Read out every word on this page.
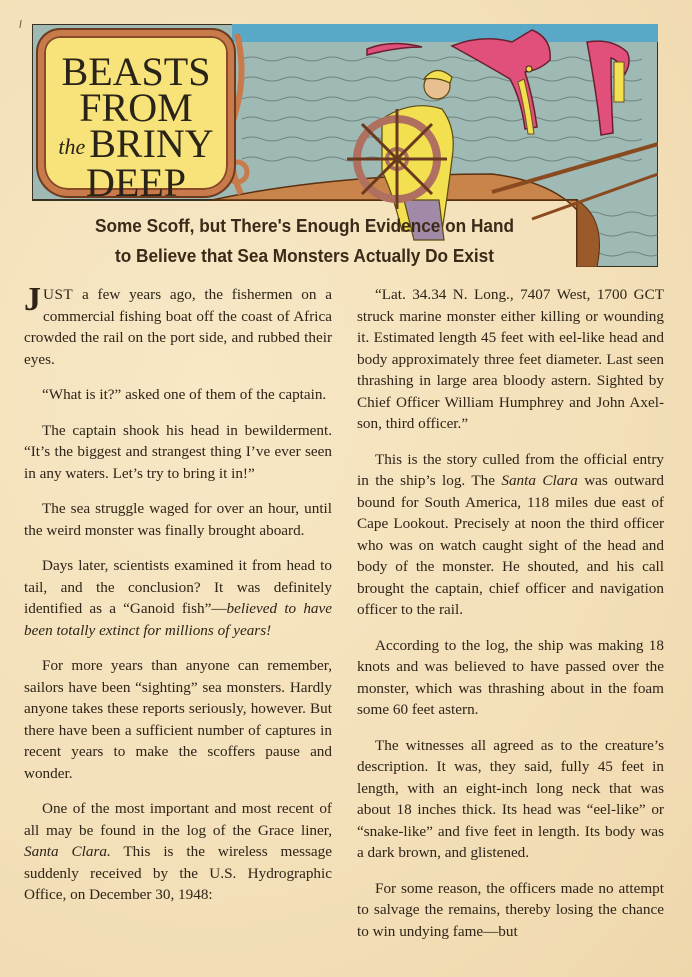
BEASTS
FROM
the BRINY
DEEP
Some Scoff, but There's Enough Evidence on Hand
to Believe that Sea Monsters Actually Do Exist

JUST a few years ago, the fishermen on a commercial fishing boat off the coast of Africa crowded the rail on the port side, and rubbed their eyes.

“What is it?” asked one of them of the captain.

The captain shook his head in bewilderment. “It’s the biggest and strangest thing I’ve ever seen in any waters. Let’s try to bring it in!”

The sea struggle waged for over an hour, until the weird monster was finally brought aboard.

Days later, scientists examined it from head to tail, and the conclusion? It was definitely identified as a “Ganoid fish”—believed to have been totally extinct for millions of years!

For more years than anyone can remember, sailors have been “sighting” sea monsters. Hardly anyone takes these reports seriously, however. But there have been a sufficient number of captures in recent years to make the scoffers pause and wonder.

One of the most important and most recent of all may be found in the log of the Grace liner, Santa Clara. This is the wireless message suddenly received by the U.S. Hydrographic Office, on December 30, 1948:

“Lat. 34.34 N. Long., 7407 West, 1700 GCT struck marine monster either killing or wounding it. Estimated length 45 feet with eel-like head and body approximately three feet diameter. Last seen thrashing in large area bloody astern. Sighted by Chief Officer William Humphrey and John Axelson, third officer.”

This is the story culled from the official entry in the ship’s log. The Santa Clara was outward bound for South America, 118 miles due east of Cape Lookout. Precisely at noon the third officer who was on watch caught sight of the head and body of the monster. He shouted, and his call brought the captain, chief officer and navigation officer to the rail.

According to the log, the ship was making 18 knots and was believed to have passed over the monster, which was thrashing about in the foam some 60 feet astern.

The witnesses all agreed as to the creature’s description. It was, they said, fully 45 feet in length, with an eight-inch long neck that was about 18 inches thick. Its head was “eel-like” or “snake-like” and five feet in length. Its body was a dark brown, and glistened.

For some reason, the officers made no attempt to salvage the remains, thereby losing the chance to win undying fame—but
